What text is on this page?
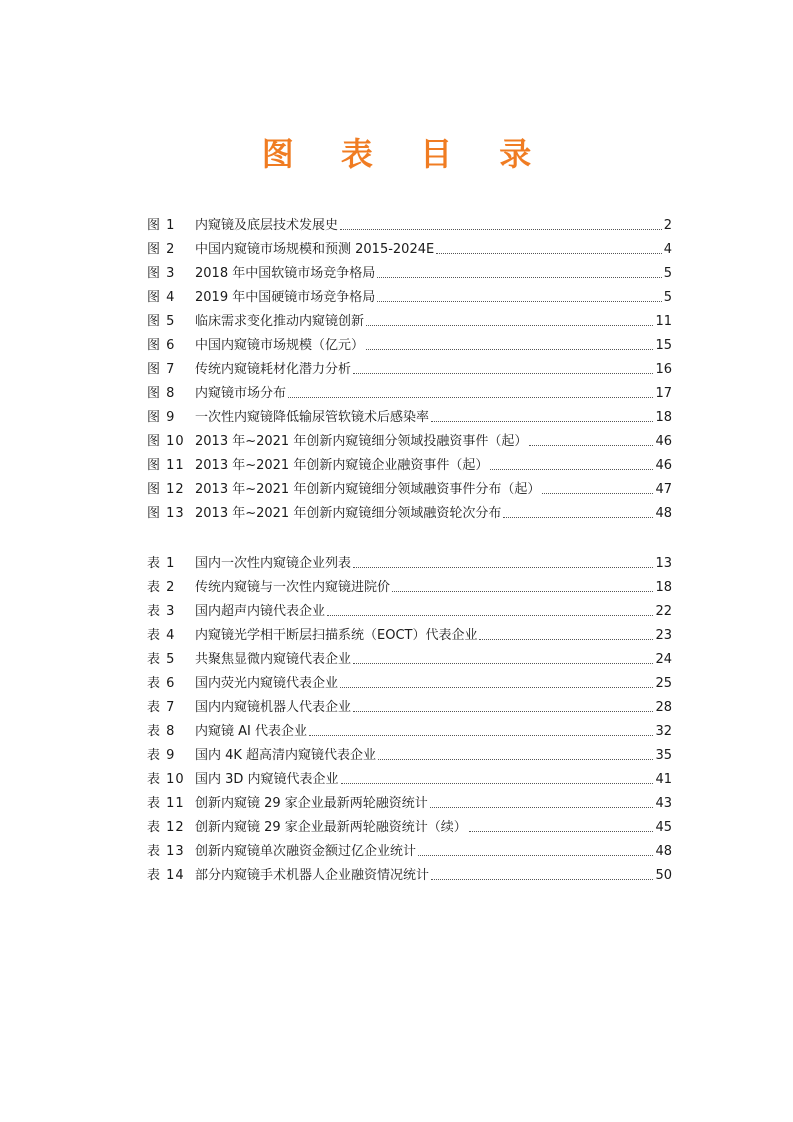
图 表 目 录
图 1	内窥镜及底层技术发展史	2
图 2	中国内窥镜市场规模和预测 2015-2024E	4
图 3	2018 年中国软镜市场竞争格局	5
图 4	2019 年中国硬镜市场竞争格局	5
图 5	临床需求变化推动内窥镜创新	11
图 6	中国内窥镜市场规模（亿元）	15
图 7	传统内窥镜耗材化潜力分析	16
图 8	内窥镜市场分布	17
图 9	一次性内窥镜降低输尿管软镜术后感染率	18
图 10 2013 年~2021 年创新内窥镜细分领域投融资事件（起）	46
图 11 2013 年~2021 年创新内窥镜企业融资事件（起）	46
图 12 2013 年~2021 年创新内窥镜细分领域融资事件分布（起）	47
图 13 2013 年~2021 年创新内窥镜细分领域融资轮次分布	48
表 1	国内一次性内窥镜企业列表	13
表 2	传统内窥镜与一次性内窥镜进院价	18
表 3	国内超声内镜代表企业	22
表 4	内窥镜光学相干断层扫描系统（EOCT）代表企业	23
表 5	共聚焦显微内窥镜代表企业	24
表 6	国内荧光内窥镜代表企业	25
表 7	国内内窥镜机器人代表企业	28
表 8	内窥镜 AI 代表企业	32
表 9	国内 4K 超高清内窥镜代表企业	35
表 10 国内 3D 内窥镜代表企业	41
表 11 创新内窥镜 29 家企业最新两轮融资统计	43
表 12 创新内窥镜 29 家企业最新两轮融资统计（续）	45
表 13 创新内窥镜单次融资金额过亿企业统计	48
表 14 部分内窥镜手术机器人企业融资情况统计	50
